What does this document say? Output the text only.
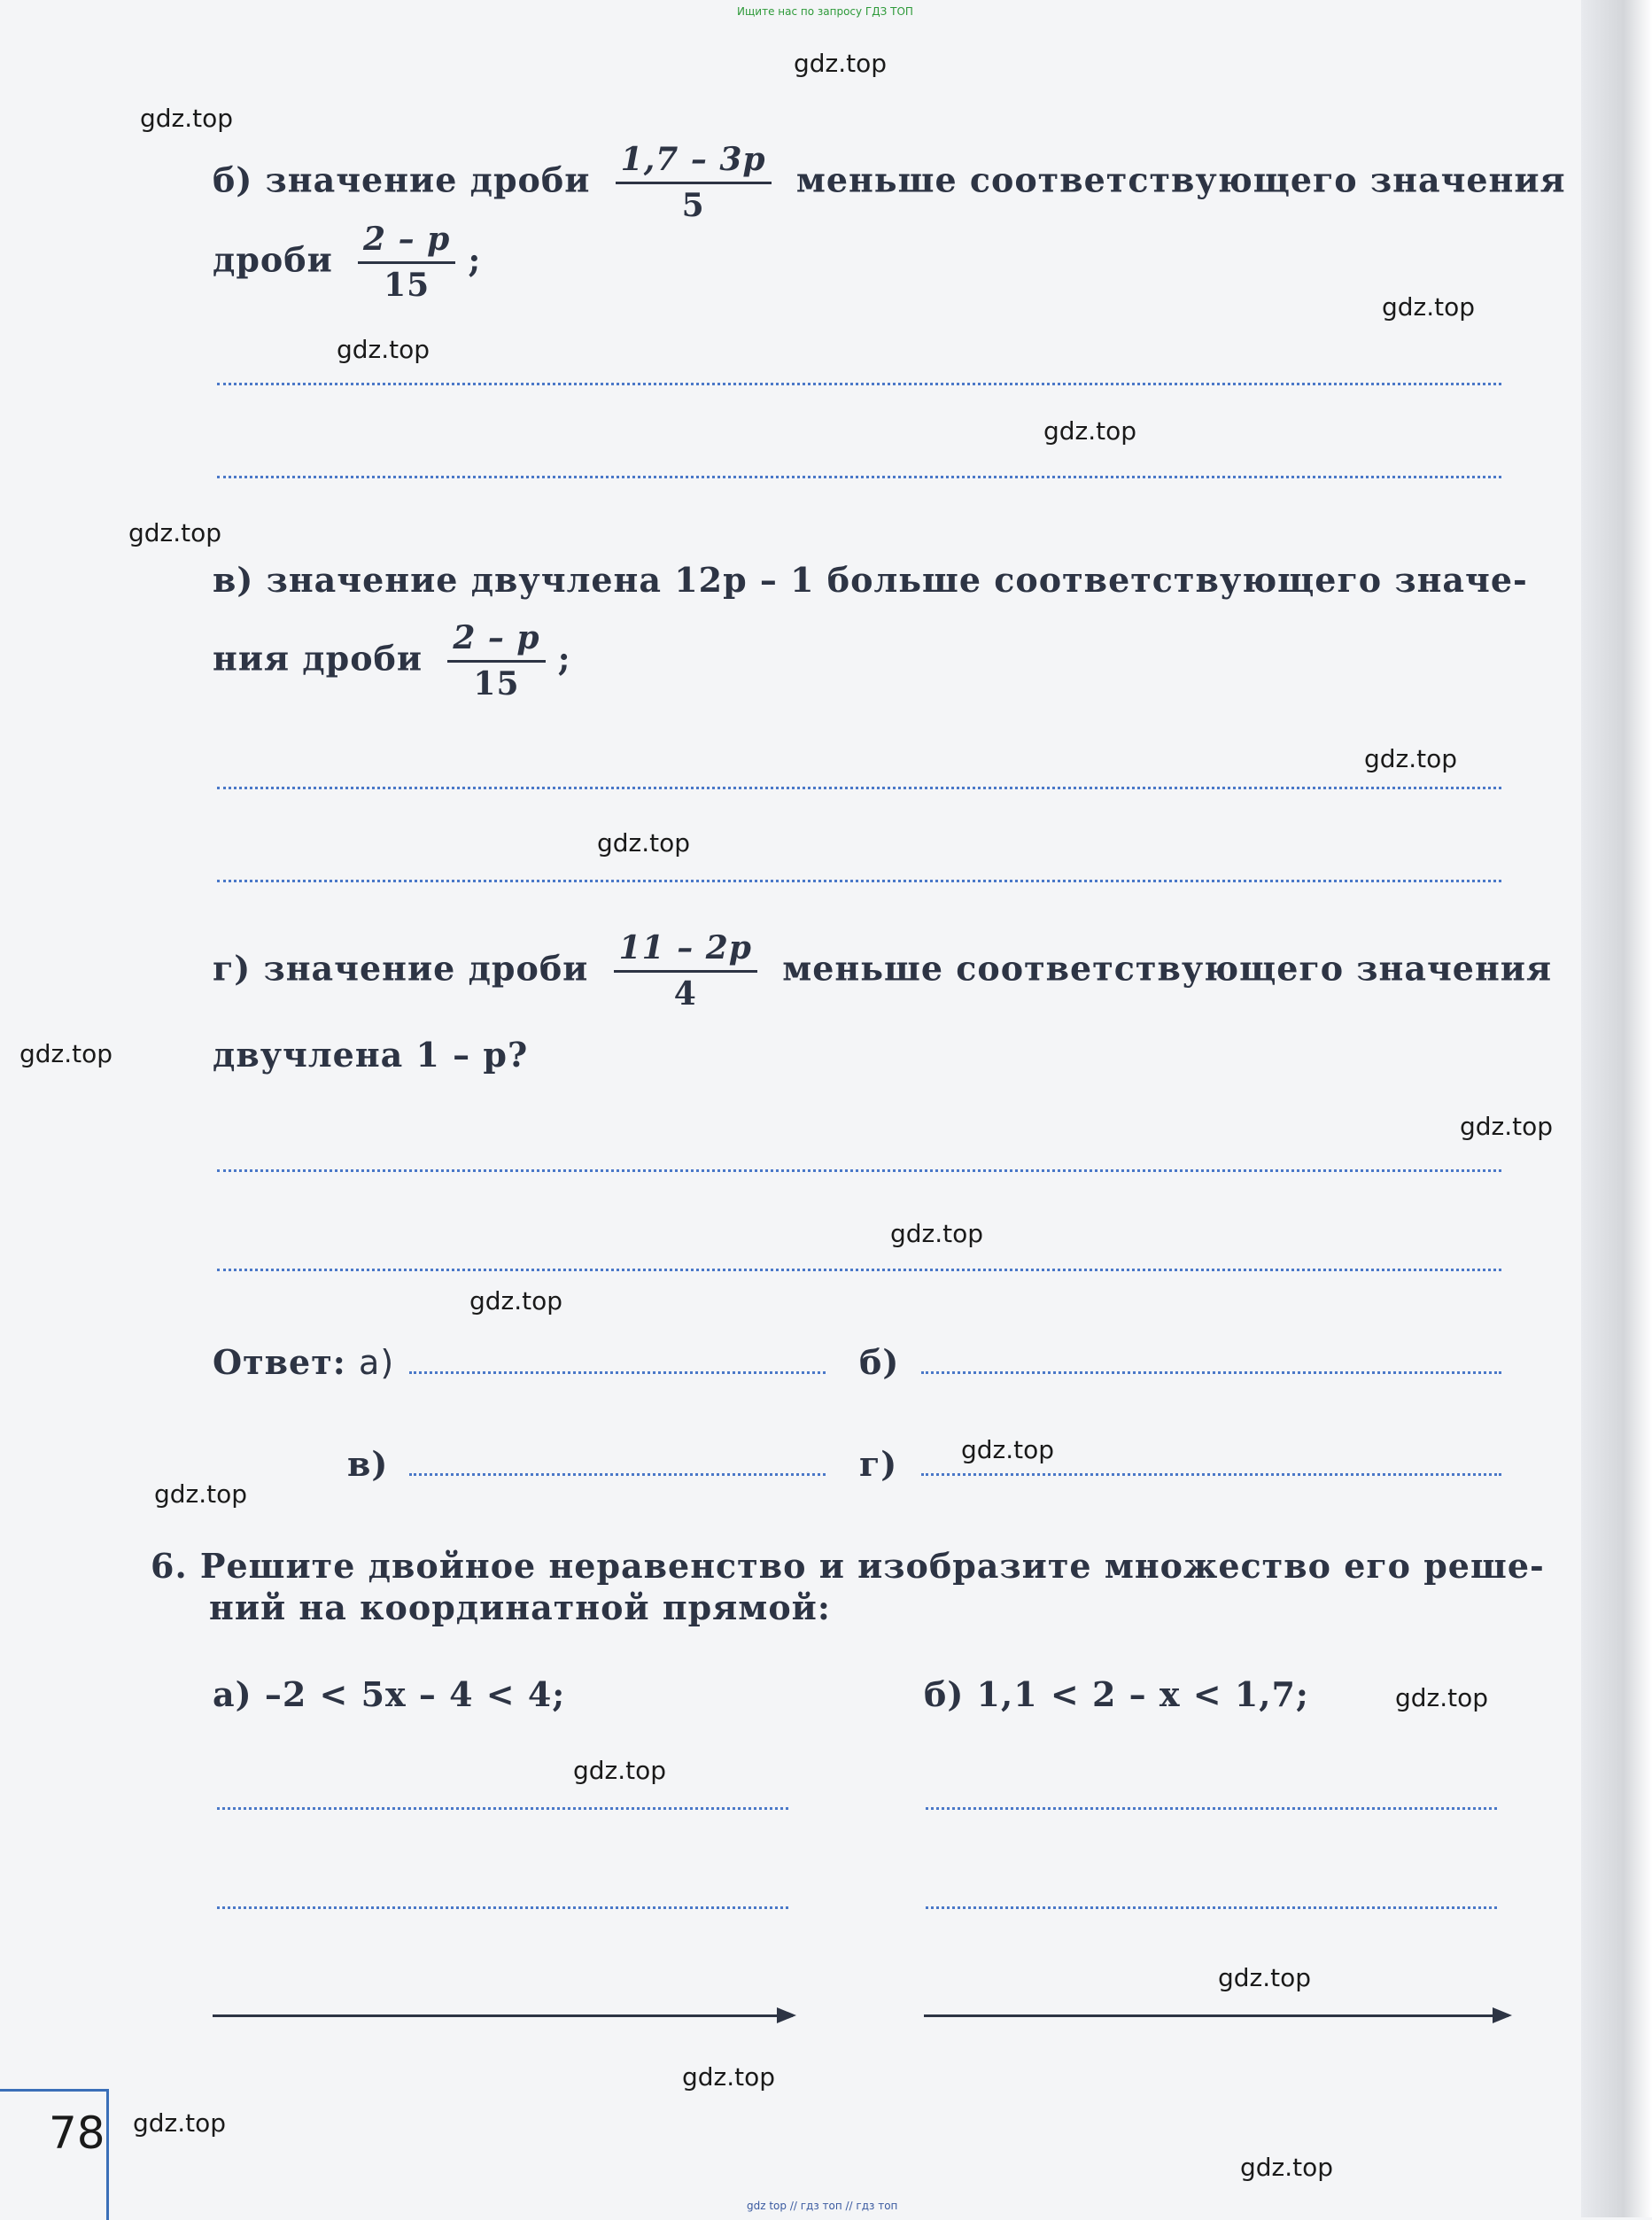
Ищите нас по запросу ГДЗ ТОП
gdz.top
gdz.top
gdz.top
gdz.top
gdz.top
gdz.top
gdz.top
gdz.top
gdz.top
gdz.top
gdz.top
gdz.top
gdz.top
gdz.top
gdz.top
gdz.top
gdz.top
gdz.top
gdz.top
gdz.top
б) значение дроби $\frac{1,7 - 3p}{5}$ меньше соответствующего значения
дроби $\frac{2 - p}{15}$ ;
в) значение двучлена 12p – 1 больше соответствующего значе-
ния дроби $\frac{2 - p}{15}$ ;
г) значение дроби $\frac{11 - 2p}{4}$ меньше соответствующего значения
двучлена 1 – p?
Ответ: а)	б)
в)	г)
6. Решите двойное неравенство и изобразите множество его реше-
ний на координатной прямой:
а) –2 < 5x – 4 < 4;	б) 1,1 < 2 – x < 1,7;
78
gdz top // гдз топ // гдз топ
